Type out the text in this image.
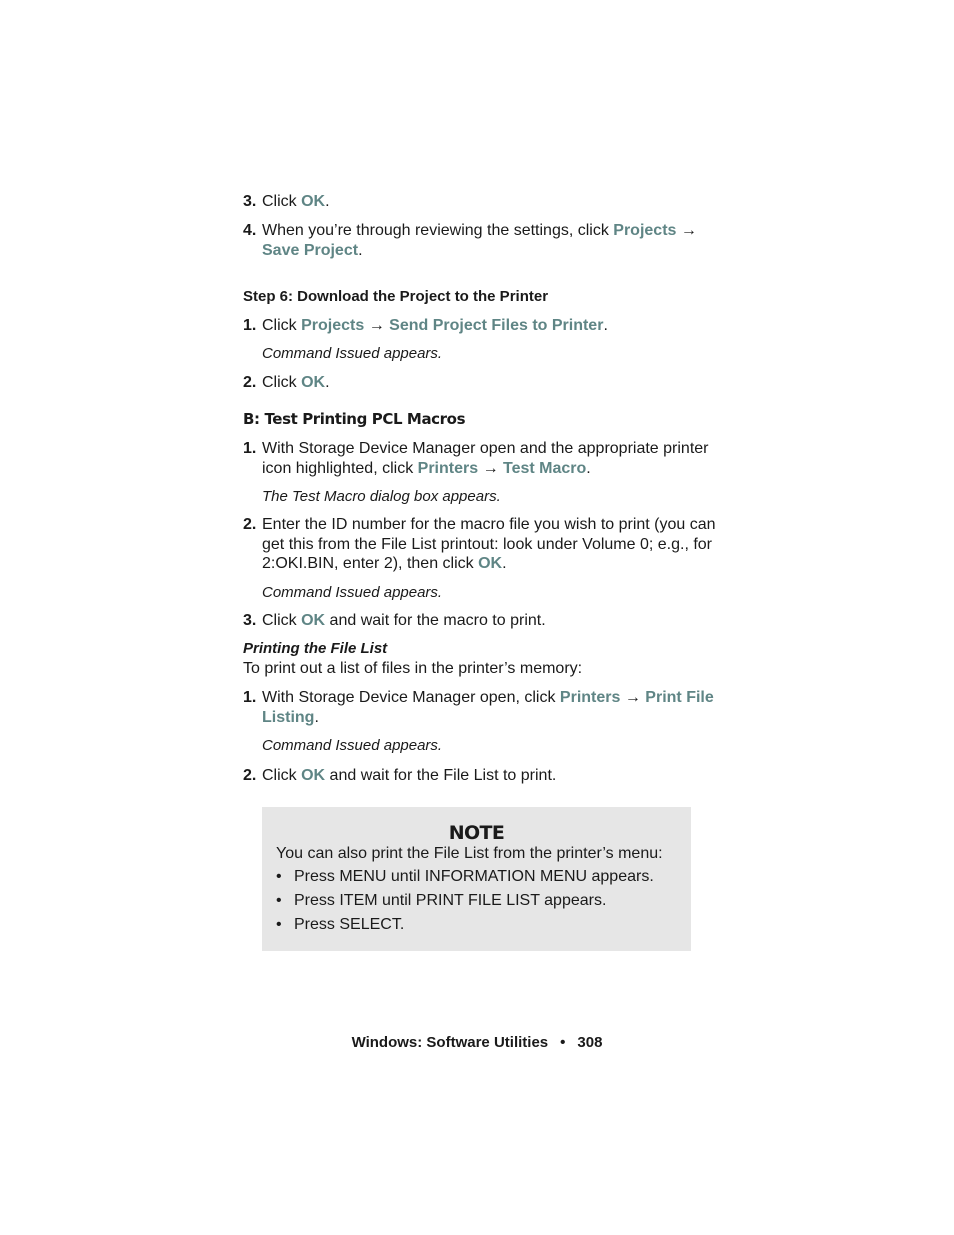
3. Click OK.
4. When you’re through reviewing the settings, click Projects → Save Project.
Step 6: Download the Project to the Printer
1. Click Projects → Send Project Files to Printer.
Command Issued appears.
2. Click OK.
B: Test Printing PCL Macros
1. With Storage Device Manager open and the appropriate printer icon highlighted, click Printers → Test Macro.
The Test Macro dialog box appears.
2. Enter the ID number for the macro file you wish to print (you can get this from the File List printout: look under Volume 0; e.g., for 2:OKI.BIN, enter 2), then click OK.
Command Issued appears.
3. Click OK and wait for the macro to print.
Printing the File List
To print out a list of files in the printer’s memory:
1. With Storage Device Manager open, click Printers → Print File Listing.
Command Issued appears.
2. Click OK and wait for the File List to print.
NOTE
You can also print the File List from the printer’s menu:
• Press MENU until INFORMATION MENU appears.
• Press ITEM until PRINT FILE LIST appears.
• Press SELECT.
Windows: Software Utilities • 308
